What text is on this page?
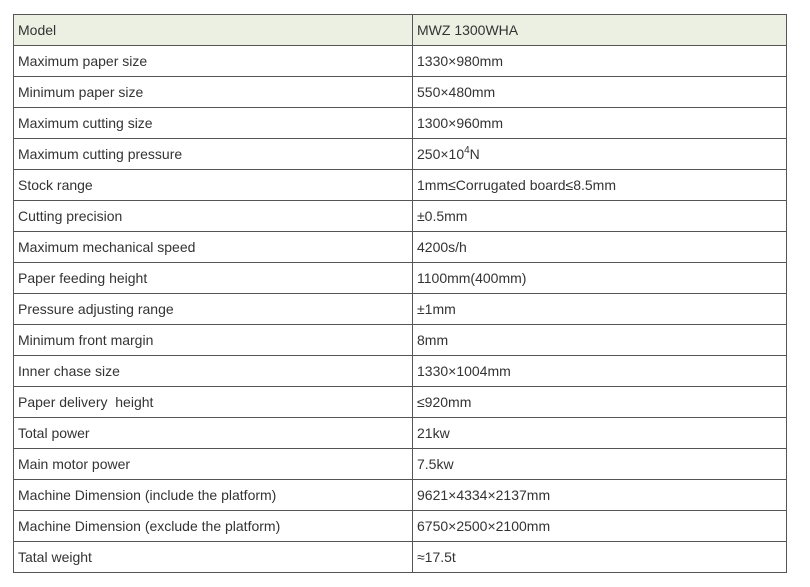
Model	MWZ 1300WHA
Maximum paper size	1330×980mm
Minimum paper size	550×480mm
Maximum cutting size	1300×960mm
Maximum cutting pressure	$250\times 10^4N$
Stock range	1mm≤Corrugated board≤8.5mm
Cutting precision	±0.5mm
Maximum mechanical speed	4200s/h
Paper feeding height	1100mm(400mm)
Pressure adjusting range	±1mm
Minimum front margin	8mm
Inner chase size	1330×1004mm
Paper delivery  height	≤920mm
Total power	21kw
Main motor power	7.5kw
Machine Dimension (include the platform)	9621×4334×2137mm
Machine Dimension (exclude the platform)	6750×2500×2100mm
Tatal weight	≈17.5t
